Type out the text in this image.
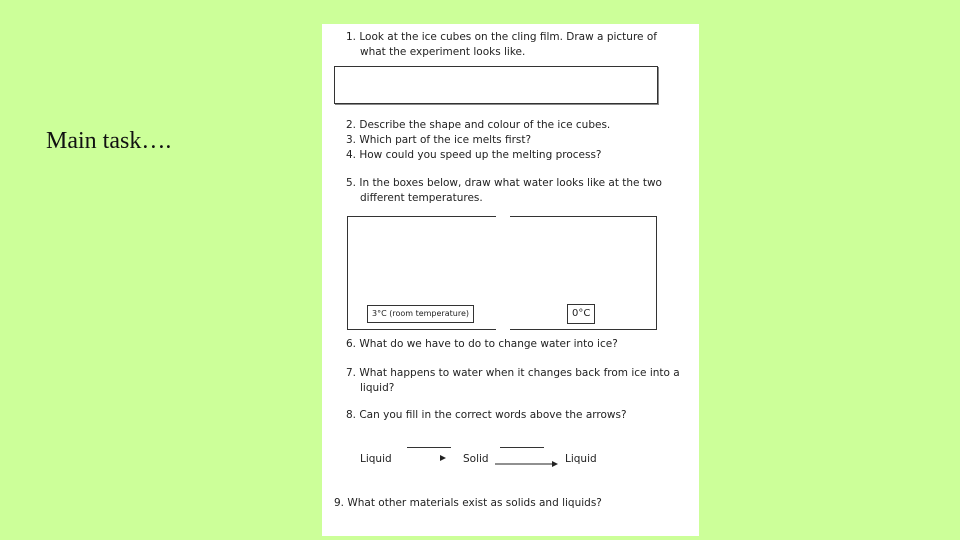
Main task….
1. Look at the ice cubes on the cling film. Draw a picture of
what the experiment looks like.
2. Describe the shape and colour of the ice cubes.
3. Which part of the ice melts first?
4. How could you speed up the melting process?
5. In the boxes below, draw what water looks like at the two
different temperatures.
3°C (room temperature)	0°C
6. What do we have to do to change water into ice?
7. What happens to water when it changes back from ice into a
liquid?
8. Can you fill in the correct words above the arrows?
Liquid	Solid	Liquid
9. What other materials exist as solids and liquids?
